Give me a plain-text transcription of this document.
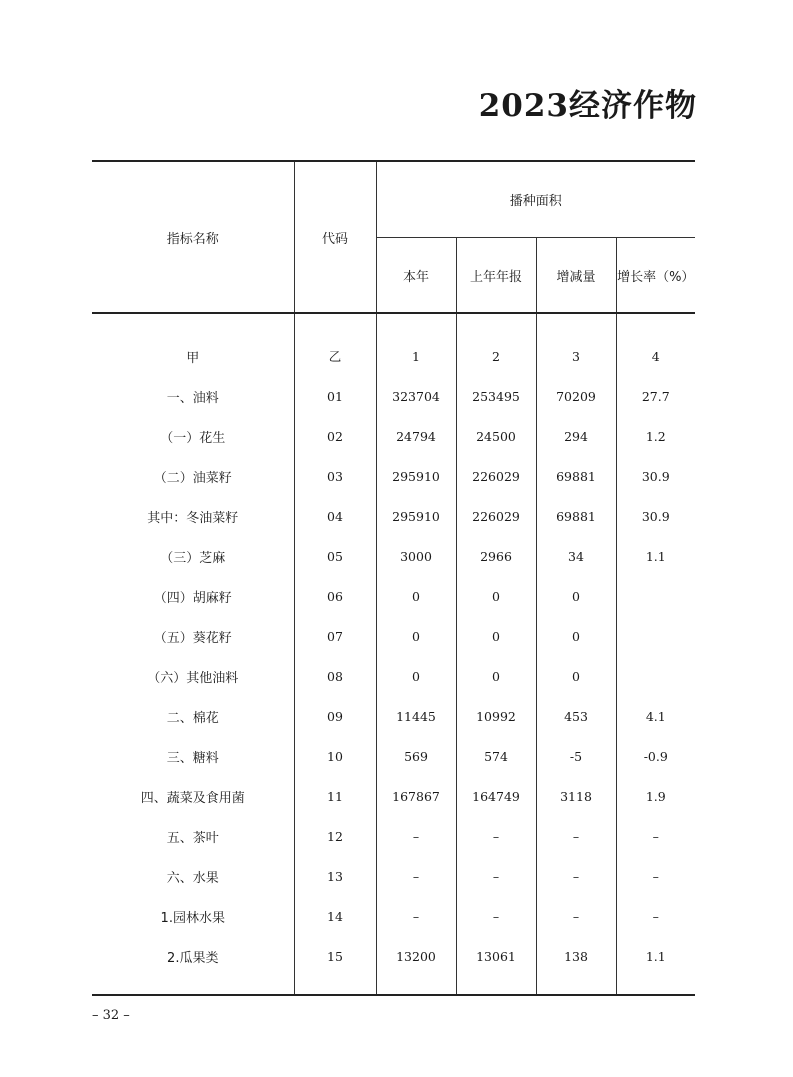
2023经济作物
指标名称	代码	播种面积			
		本年	上年年报	增减量	增长率（%）
甲	乙	1	2	3	4
一、油料	01	323704	253495	70209	27.7
（一）花生	02	24794	24500	294	1.2
（二）油菜籽	03	295910	226029	69881	30.9
其中：冬油菜籽	04	295910	226029	69881	30.9
（三）芝麻	05	3000	2966	34	1.1
（四）胡麻籽	06	0	0	0	
（五）葵花籽	07	0	0	0	
（六）其他油料	08	0	0	0	
二、棉花	09	11445	10992	453	4.1
三、糖料	10	569	574	-5	-0.9
四、蔬菜及食用菌	11	167867	164749	3118	1.9
五、茶叶	12	–	–	–	–
六、水果	13	–	–	–	–
1.园林水果	14	–	–	–	–
2.瓜果类	15	13200	13061	138	1.1

– 32 –
